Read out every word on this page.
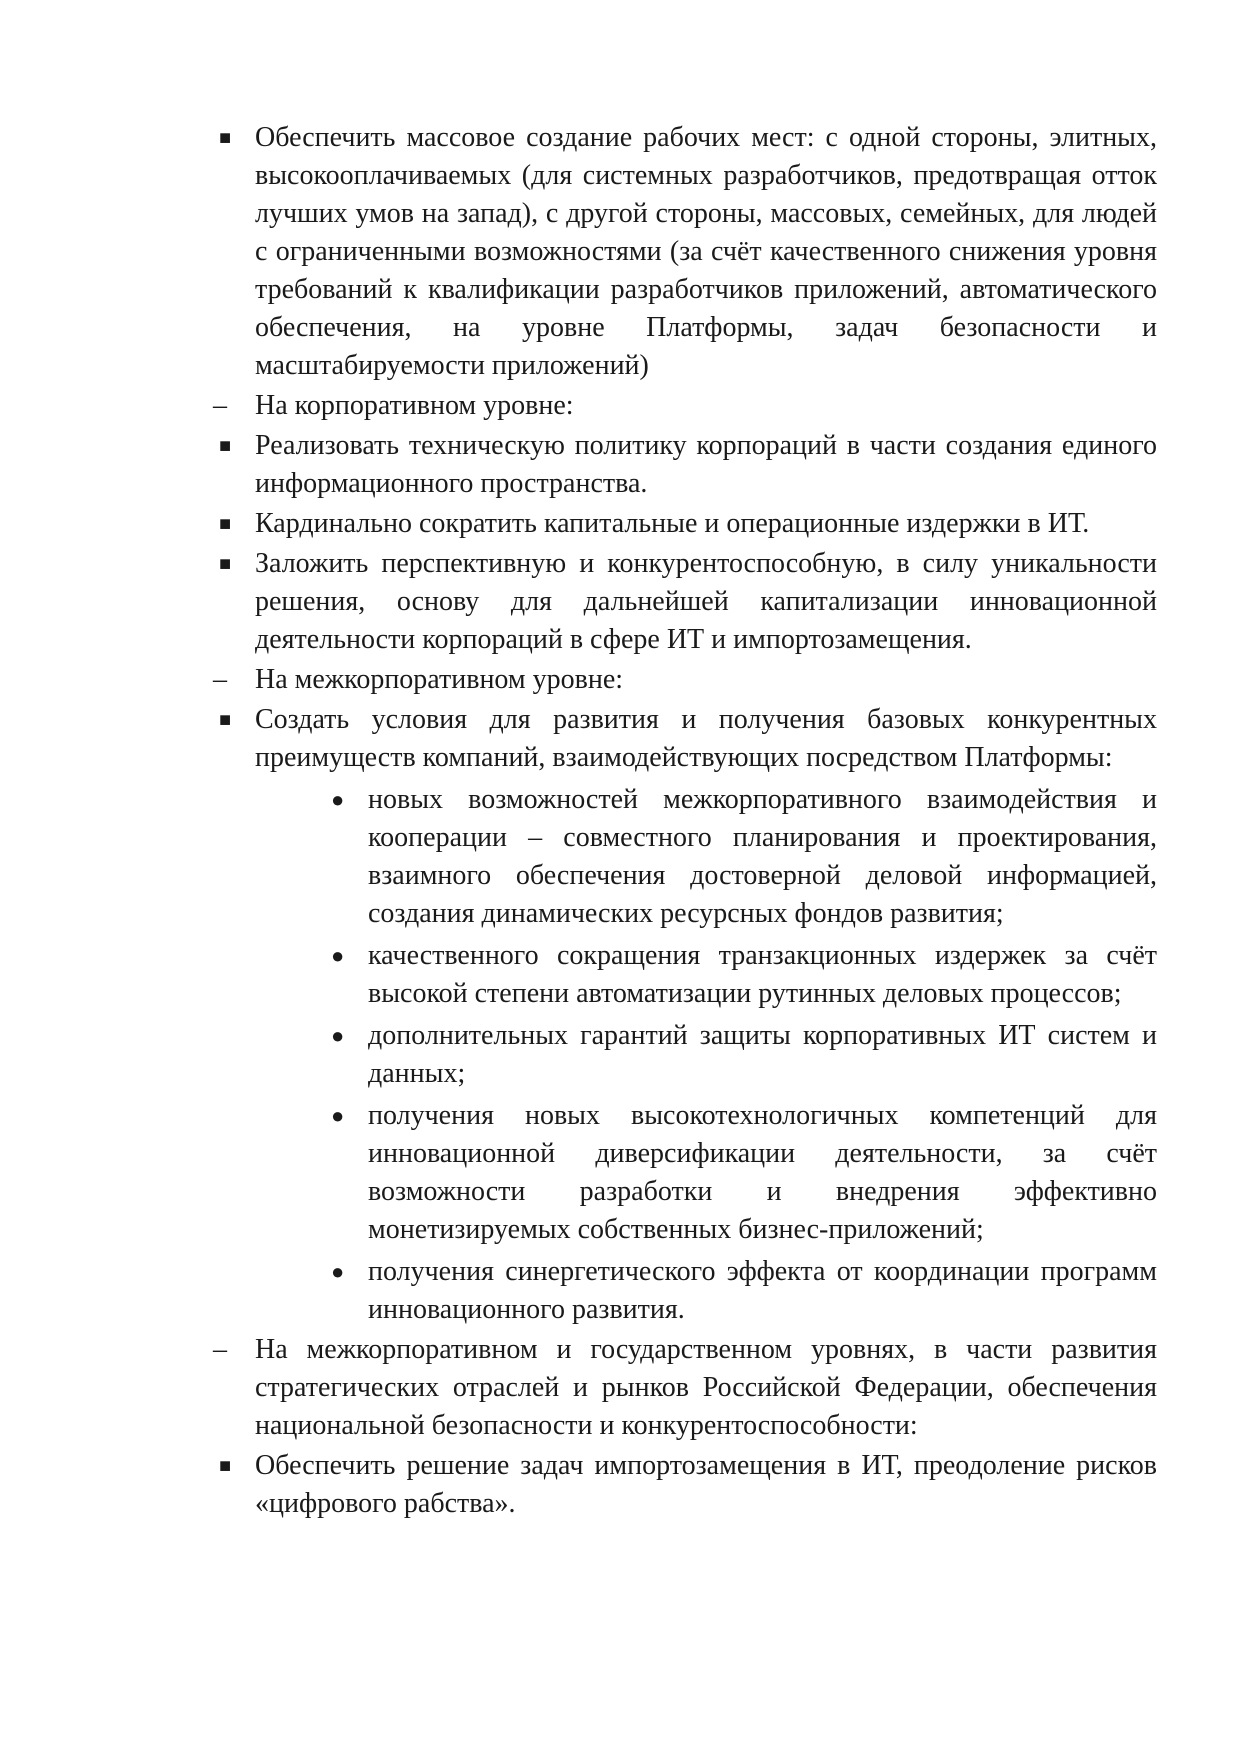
■ Обеспечить массовое создание рабочих мест: с одной стороны, элитных, высокооплачиваемых (для системных разработчиков, предотвращая отток лучших умов на запад), с другой стороны, массовых, семейных, для людей с ограниченными возможностями (за счёт качественного снижения уровня требований к квалификации разработчиков приложений, автоматического обеспечения, на уровне Платформы, задач безопасности и масштабируемости приложений)
– На корпоративном уровне:
■ Реализовать техническую политику корпораций в части создания единого информационного пространства.
■ Кардинально сократить капитальные и операционные издержки в ИТ.
■ Заложить перспективную и конкурентоспособную, в силу уникальности решения, основу для дальнейшей капитализации инновационной деятельности корпораций в сфере ИТ и импортозамещения.
– На межкорпоративном уровне:
■ Создать условия для развития и получения базовых конкурентных преимуществ компаний, взаимодействующих посредством Платформы:
● новых возможностей межкорпоративного взаимодействия и кооперации – совместного планирования и проектирования, взаимного обеспечения достоверной деловой информацией, создания динамических ресурсных фондов развития;
● качественного сокращения транзакционных издержек за счёт высокой степени автоматизации рутинных деловых процессов;
● дополнительных гарантий защиты корпоративных ИТ систем и данных;
● получения новых высокотехнологичных компетенций для инновационной диверсификации деятельности, за счёт возможности разработки и внедрения эффективно монетизируемых собственных бизнес-приложений;
● получения синергетического эффекта от координации программ инновационного развития.
– На межкорпоративном и государственном уровнях, в части развития стратегических отраслей и рынков Российской Федерации, обеспечения национальной безопасности и конкурентоспособности:
■ Обеспечить решение задач импортозамещения в ИТ, преодоление рисков «цифрового рабства».
